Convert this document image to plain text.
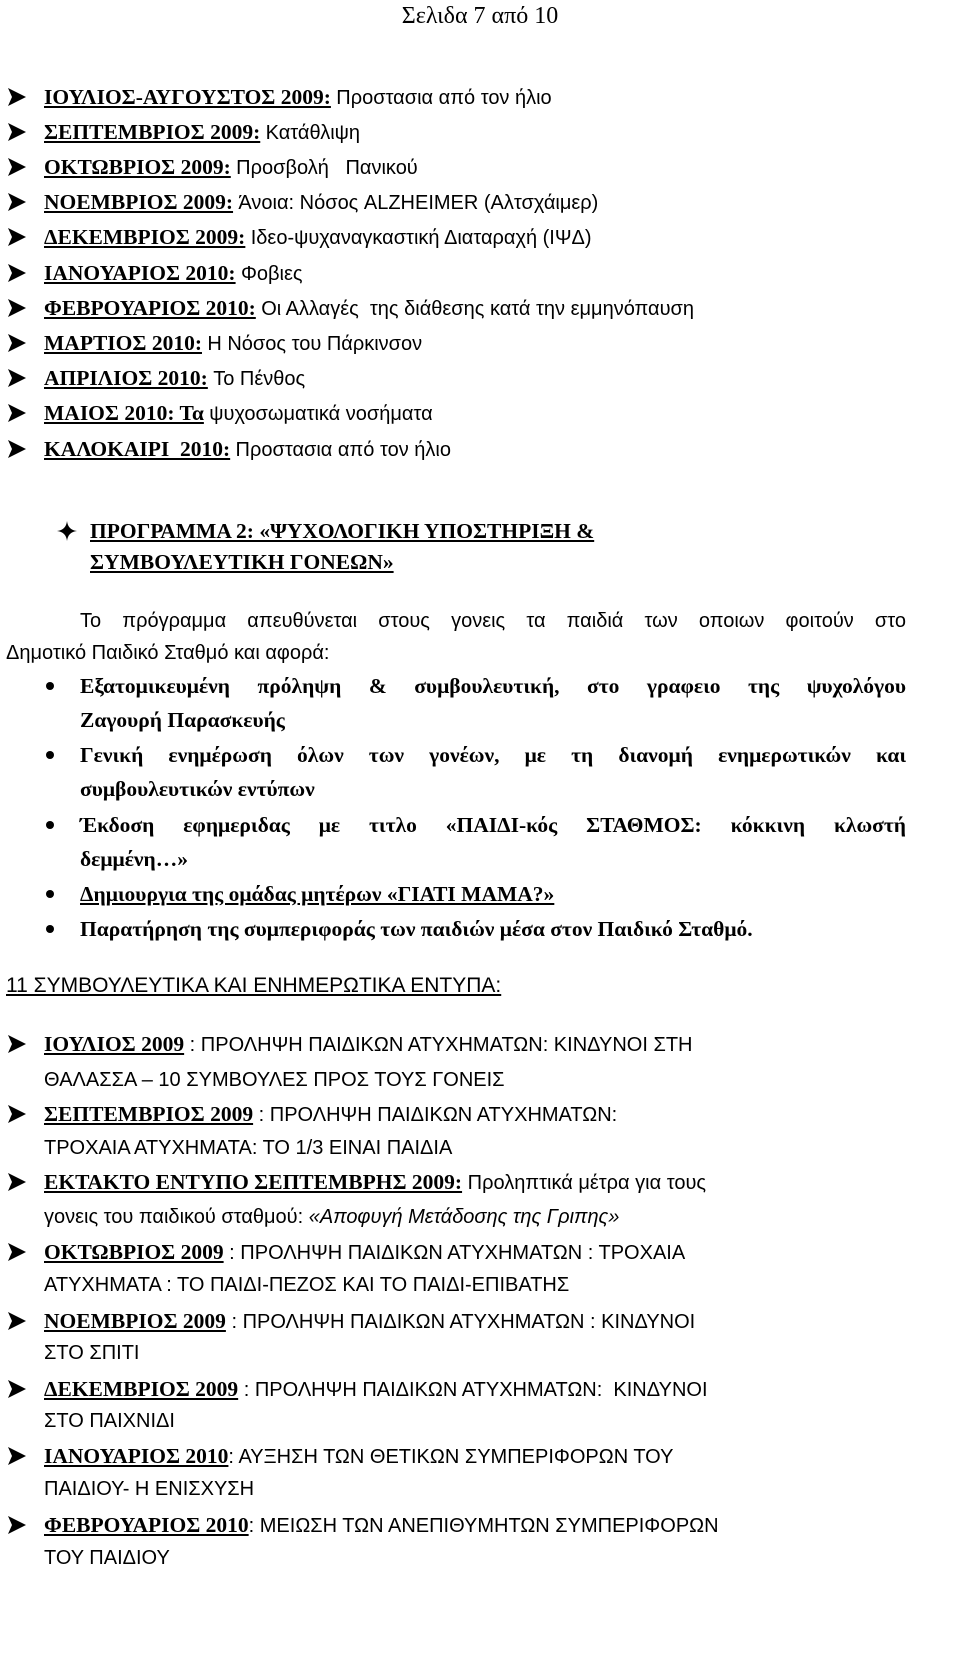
Σελιδα 7 από 10
ΙΟΥΛΙΟΣ-ΑΥΓΟΥΣΤΟΣ 2009: Προστασια από τον ήλιο
ΣΕΠΤΕΜΒΡΙΟΣ 2009: Κατάθλιψη
ΟΚΤΩΒΡΙΟΣ 2009: Προσβολή   Πανικού
ΝΟΕΜΒΡΙΟΣ 2009: Άνοια: Νόσος ALZHEIMER (Αλτσχάιμερ)
ΔΕΚΕΜΒΡΙΟΣ 2009: Ιδεο-ψυχαναγκαστική Διαταραχή (ΙΨΔ)
ΙΑΝΟΥΑΡΙΟΣ 2010: Φοβιες
ΦΕΒΡΟΥΑΡΙΟΣ 2010: Οι Αλλαγές  της διάθεσης κατά την εμμηνόπαυση
ΜΑΡΤΙΟΣ 2010: Η Νόσος του Πάρκινσον
ΑΠΡΙΛΙΟΣ 2010: Το Πένθος
ΜΑΙΟΣ 2010: Τα ψυχοσωματικά νοσήματα
ΚΑΛΟΚΑΙΡΙ  2010: Προστασια από τον ήλιο
ΠΡΟΓΡΑΜΜΑ 2: «ΨΥΧΟΛΟΓΙΚΗ ΥΠΟΣΤΗΡΙΞΗ &
ΣΥΜΒΟΥΛΕΥΤΙΚΗ ΓΟΝΕΩΝ»
Το πρόγραμμα απευθύνεται στους γονεις τα παιδιά των οποιων φοιτούν στο
Δημοτικό Παιδικό Σταθμό και αφορά:
Εξατομικευμένη πρόληψη & συμβουλευτική, στο γραφειο της ψυχολόγου
Ζαγουρή Παρασκευής
Γενική ενημέρωση όλων των γονέων, με τη διανομή ενημερωτικών και
συμβουλευτικών εντύπων
Έκδοση εφημεριδας με τιτλο «ΠΑΙΔΙ-κός ΣΤΑΘΜΟΣ: κόκκινη κλωστή
δεμμένη…»
Δημιουργια της ομάδας μητέρων «ΓΙΑΤΙ ΜΑΜΑ?»
Παρατήρηση της συμπεριφοράς των παιδιών μέσα στον Παιδικό Σταθμό.
11 ΣΥΜΒΟΥΛΕΥΤΙΚΑ ΚΑΙ ΕΝΗΜΕΡΩΤΙΚΑ ΕΝΤΥΠΑ:
ΙΟΥΛΙΟΣ 2009 : ΠΡΟΛΗΨΗ ΠΑΙΔΙΚΩΝ ΑΤΥΧΗΜΑΤΩΝ: ΚΙΝΔΥΝΟΙ ΣΤΗ
ΘΑΛΑΣΣΑ – 10 ΣΥΜΒΟΥΛΕΣ ΠΡΟΣ ΤΟΥΣ ΓΟΝΕΙΣ
ΣΕΠΤΕΜΒΡΙΟΣ 2009 : ΠΡΟΛΗΨΗ ΠΑΙΔΙΚΩΝ ΑΤΥΧΗΜΑΤΩΝ:
ΤΡΟΧΑΙΑ ΑΤΥΧΗΜΑΤΑ: ΤΟ 1/3 ΕΙΝΑΙ ΠΑΙΔΙΑ
ΕΚΤΑΚΤΟ ΕΝΤΥΠΟ ΣΕΠΤΕΜΒΡΗΣ 2009: Προληπτικά μέτρα για τους
γονεις του παιδικού σταθμού: «Αποφυγή Μετάδοσης της Γριπης»
ΟΚΤΩΒΡΙΟΣ 2009 : ΠΡΟΛΗΨΗ ΠΑΙΔΙΚΩΝ ΑΤΥΧΗΜΑΤΩΝ : ΤΡΟΧΑΙΑ
ΑΤΥΧΗΜΑΤΑ : ΤΟ ΠΑΙΔΙ-ΠΕΖΟΣ ΚΑΙ ΤΟ ΠΑΙΔΙ-ΕΠΙΒΑΤΗΣ
ΝΟΕΜΒΡΙΟΣ 2009 : ΠΡΟΛΗΨΗ ΠΑΙΔΙΚΩΝ ΑΤΥΧΗΜΑΤΩΝ : ΚΙΝΔΥΝΟΙ
ΣΤΟ ΣΠΙΤΙ
ΔΕΚΕΜΒΡΙΟΣ 2009 : ΠΡΟΛΗΨΗ ΠΑΙΔΙΚΩΝ ΑΤΥΧΗΜΑΤΩΝ:  ΚΙΝΔΥΝΟΙ
ΣΤΟ ΠΑΙΧΝΙΔΙ
ΙΑΝΟΥΑΡΙΟΣ 2010: ΑΥΞΗΣΗ ΤΩΝ ΘΕΤΙΚΩΝ ΣΥΜΠΕΡΙΦΟΡΩΝ ΤΟΥ
ΠΑΙΔΙΟΥ- Η ΕΝΙΣΧΥΣΗ
ΦΕΒΡΟΥΑΡΙΟΣ 2010: ΜΕΙΩΣΗ ΤΩΝ ΑΝΕΠΙΘΥΜΗΤΩΝ ΣΥΜΠΕΡΙΦΟΡΩΝ
ΤΟΥ ΠΑΙΔΙΟΥ
